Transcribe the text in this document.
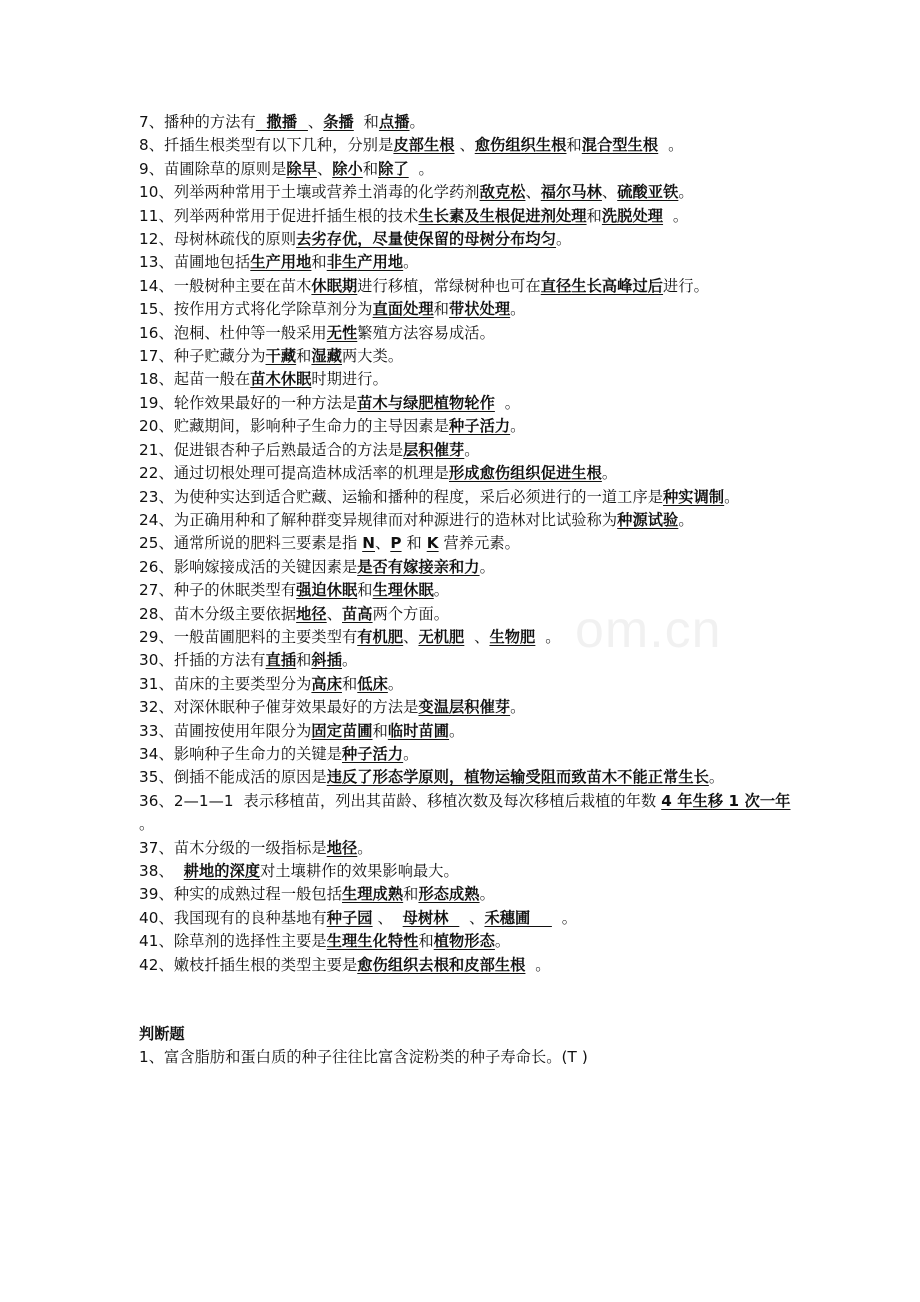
om.cn
7、播种的方法有  撒播  、条播  和点播。
8、扦插生根类型有以下几种，分别是皮部生根 、愈伤组织生根和混合型生根  。
9、苗圃除草的原则是除早、除小和除了  。
10、列举两种常用于土壤或营养土消毒的化学药剂敌克松、福尔马林、硫酸亚铁。
11、列举两种常用于促进扦插生根的技术生长素及生根促进剂处理和洗脱处理  。
12、母树林疏伐的原则去劣存优，尽量使保留的母树分布均匀。
13、苗圃地包括生产用地和非生产用地。
14、一般树种主要在苗木休眠期进行移植，常绿树种也可在直径生长高峰过后进行。
15、按作用方式将化学除草剂分为直面处理和带状处理。
16、泡桐、杜仲等一般采用无性繁殖方法容易成活。
17、种子贮藏分为干藏和湿藏两大类。
18、起苗一般在苗木休眠时期进行。
19、轮作效果最好的一种方法是苗木与绿肥植物轮作  。
20、贮藏期间，影响种子生命力的主导因素是种子活力。
21、促进银杏种子后熟最适合的方法是层积催芽。
22、通过切根处理可提高造林成活率的机理是形成愈伤组织促进生根。
23、为使种实达到适合贮藏、运输和播种的程度，采后必须进行的一道工序是种实调制。
24、为正确用种和了解种群变异规律而对种源进行的造林对比试验称为种源试验。
25、通常所说的肥料三要素是指 N、P 和 K 营养元素。
26、影响嫁接成活的关键因素是是否有嫁接亲和力。
27、种子的休眠类型有强迫休眠和生理休眠。
28、苗木分级主要依据地径、苗高两个方面。
29、一般苗圃肥料的主要类型有有机肥、无机肥  、生物肥  。
30、扦插的方法有直插和斜插。
31、苗床的主要类型分为高床和低床。
32、对深休眠种子催芽效果最好的方法是变温层积催芽。
33、苗圃按使用年限分为固定苗圃和临时苗圃。
34、影响种子生命力的关键是种子活力。
35、倒插不能成活的原因是违反了形态学原则，植物运输受阻而致苗木不能正常生长。
36、2—1—1  表示移植苗，列出其苗龄、移植次数及每次移植后栽植的年数 4 年生移 1 次一年  。
37、苗木分级的一级指标是地径。
38、  耕地的深度对土壤耕作的效果影响最大。
39、种实的成熟过程一般包括生理成熟和形态成熟。
40、我国现有的良种基地有种子园 、  母树林    、禾穗圃      。
41、除草剂的选择性主要是生理生化特性和植物形态。
42、嫩枝扦插生根的类型主要是愈伤组织去根和皮部生根  。
判断题
1、富含脂肪和蛋白质的种子往往比富含淀粉类的种子寿命长。(T )
